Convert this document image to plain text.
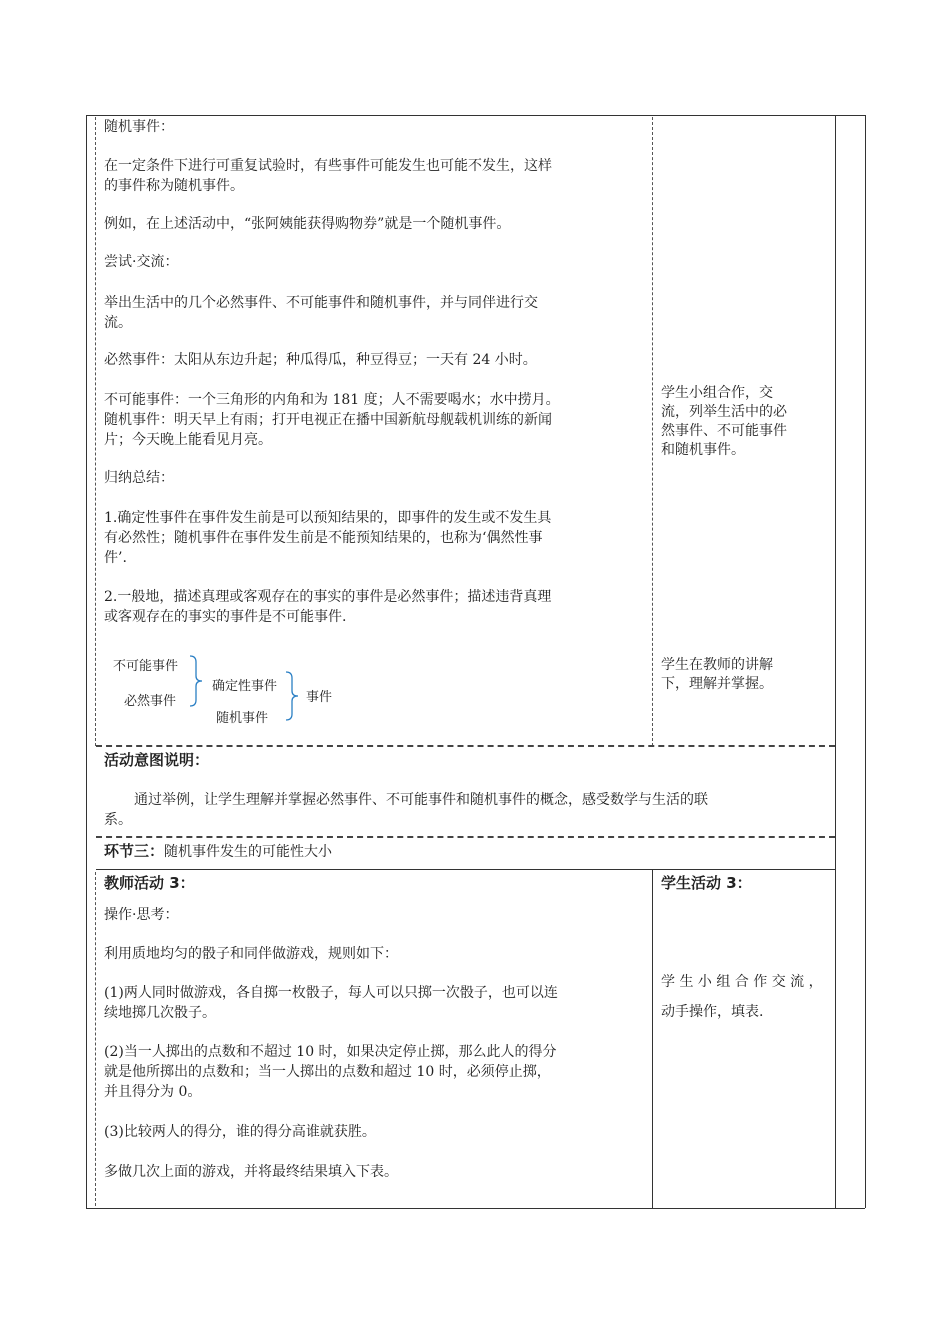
随机事件：
在一定条件下进行可重复试验时，有些事件可能发生也可能不发生，这样
的事件称为随机事件。
例如，在上述活动中，“张阿姨能获得购物券”就是一个随机事件。
尝试·交流：
举出生活中的几个必然事件、不可能事件和随机事件，并与同伴进行交
流。
必然事件：太阳从东边升起；种瓜得瓜，种豆得豆；一天有 24 小时。
不可能事件：一个三角形的内角和为 181 度；人不需要喝水；水中捞月。
随机事件：明天早上有雨；打开电视正在播中国新航母舰载机训练的新闻
片；今天晚上能看见月亮。
归纳总结：
1.确定性事件在事件发生前是可以预知结果的，即事件的发生或不发生具
有必然性；随机事件在事件发生前是不能预知结果的，也称为‘偶然性事
件’.
2.一般地，描述真理或客观存在的事实的事件是必然事件；描述违背真理
或客观存在的事实的事件是不可能事件.
不可能事件
必然事件
确定性事件
随机事件
事件
学生小组合作，交
流，列举生活中的必
然事件、不可能事件
和随机事件。
学生在教师的讲解
下，理解并掌握。
活动意图说明：
通过举例，让学生理解并掌握必然事件、不可能事件和随机事件的概念，感受数学与生活的联
系。
环节三：随机事件发生的可能性大小
教师活动 3：
操作·思考：
利用质地均匀的骰子和同伴做游戏，规则如下：
(1)两人同时做游戏，各自掷一枚骰子，每人可以只掷一次骰子，也可以连
续地掷几次骰子。
(2)当一人掷出的点数和不超过 10 时，如果决定停止掷，那么此人的得分
就是他所掷出的点数和；当一人掷出的点数和超过 10 时，必须停止掷，
并且得分为 0。
(3)比较两人的得分，谁的得分高谁就获胜。
多做几次上面的游戏，并将最终结果填入下表。
学生活动 3：
学 生 小 组 合 作 交 流 ，
动手操作，填表.
